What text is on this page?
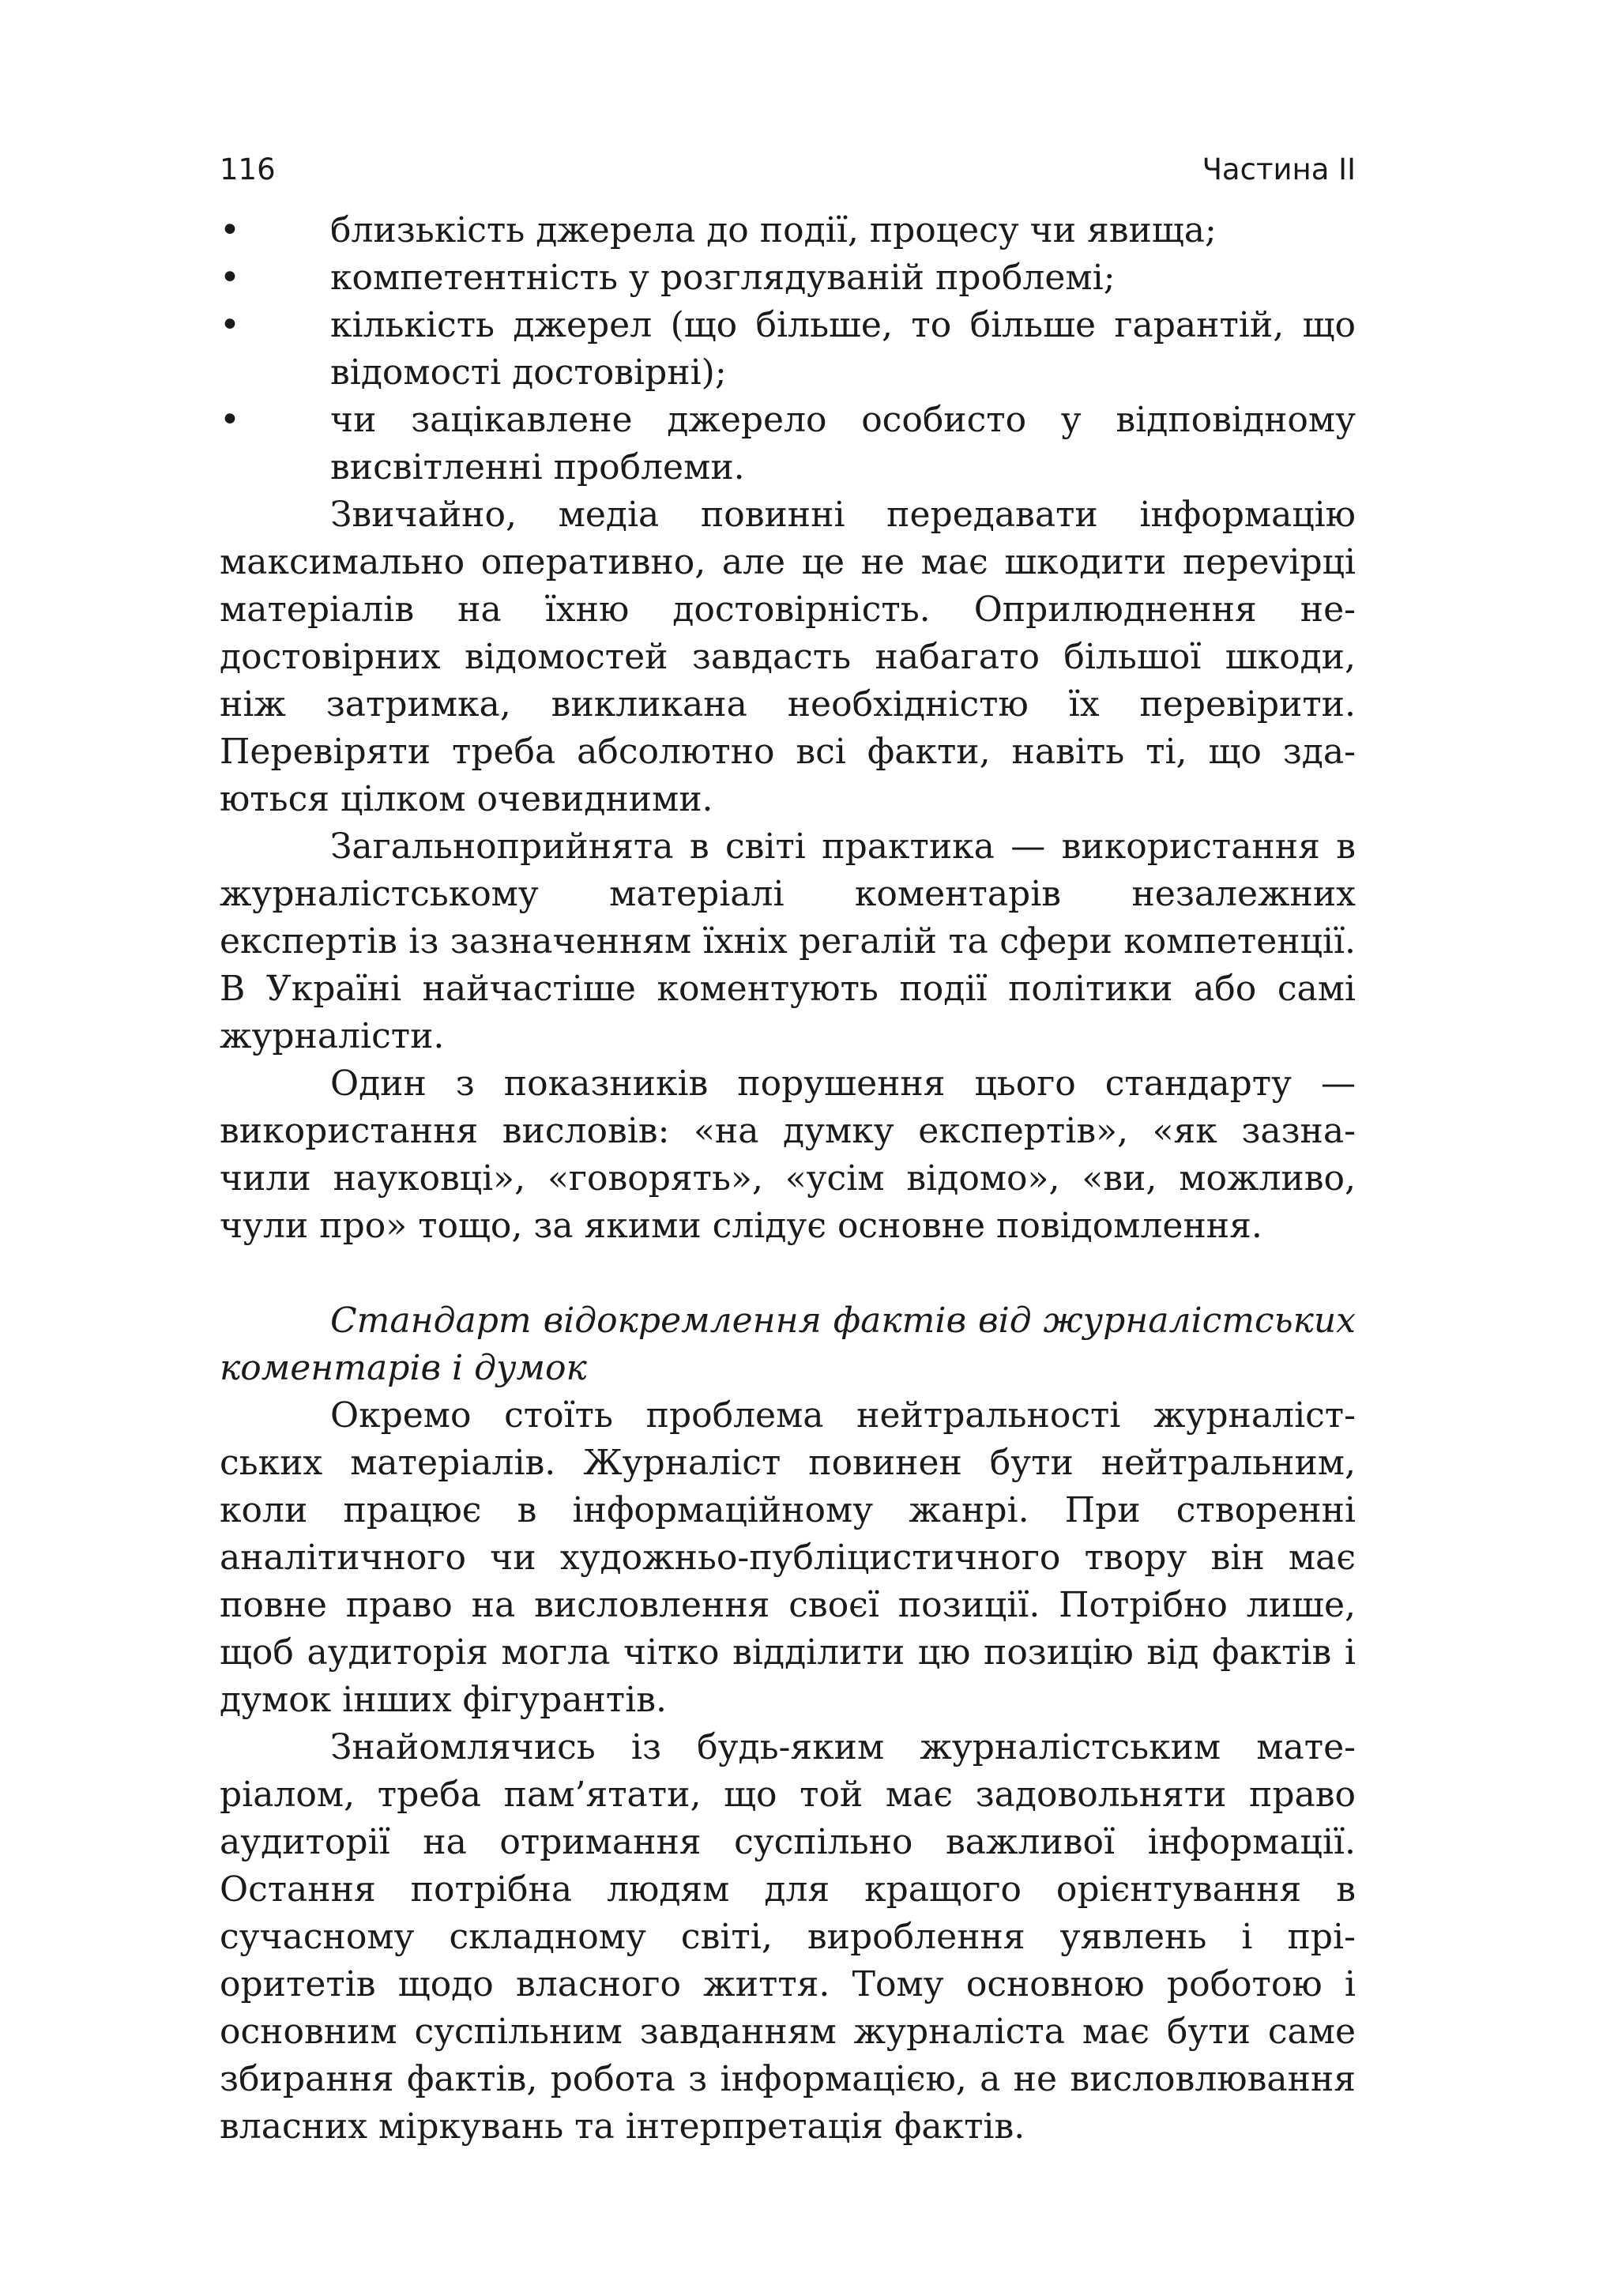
116	Частина II
•	близькість джерела до події, процесу чи явища;
•	компетентність у розглядуваній проблемі;
•	кількість джерел (що більше, то більше гарантій, що відомості достовірні);
•	чи зацікавлене джерело особисто у відповідному висвітленні проблеми.

Звичайно, медіа повинні передавати інформацію максимально оперативно, але це не має шкодити переvірці матеріалів на їхню достовірність. Оприлюднення недостовірних відомостей завдасть набагато більшої шкоди, ніж затримка, викликана необхідністю їх перевірити. Перевіряти треба абсолютно всі факти, навіть ті, що здаються цілком очевидними.

Загальноприйнята в світі практика — використання в журналістському матеріалі коментарів незалежних експертів із зазначенням їхніх регалій та сфери компетенції. В Україні найчастіше коментують події політики або самі журналісти.

Один з показників порушення цього стандарту — використання висловів: «на думку експертів», «як зазначили науковці», «говорять», «усім відомо», «ви, можливо, чули про» тощо, за якими слідує основне повідомлення.

Стандарт відокремлення фактів від журналістських коментарів і думок

Окремо стоїть проблема нейтральності журналістських матеріалів. Журналіст повинен бути нейтральним, коли працює в інформаційному жанрі. При створенні аналітичного чи художньо-публіцистичного твору він має повне право на висловлення своєї позиції. Потрібно лише, щоб аудиторія могла чітко відділити цю позицію від фактів і думок інших фігурантів.

Знайомлячись із будь-яким журналістським матеріалом, треба пам’ятати, що той має задовольняти право аудиторії на отримання суспільно важливої інформації. Остання потрібна людям для кращого орієнтування в сучасному складному світі, вироблення уявлень і пріоритетів щодо власного життя. Тому основною роботою і основним суспільним завданням журналіста має бути саме збирання фактів, робота з інформацією, а не висловлювання власних міркувань та інтерпретація фактів.
